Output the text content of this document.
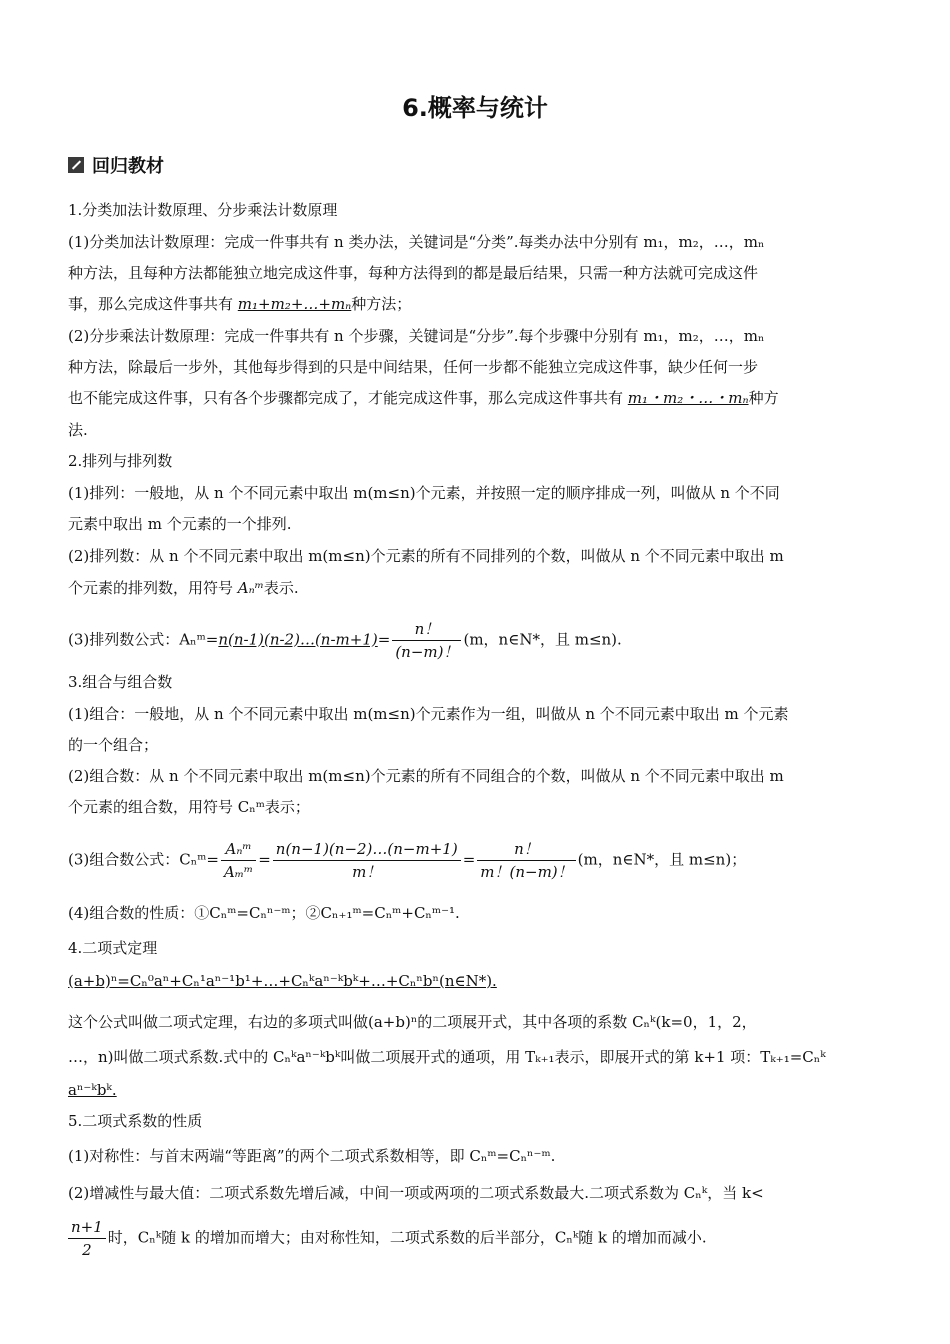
6.概率与统计
回归教材
1.分类加法计数原理、分步乘法计数原理
(1)分类加法计数原理：完成一件事共有 n 类办法，关键词是“分类”.每类办法中分别有 m₁，m₂，…，mₙ
种方法，且每种方法都能独立地完成这件事，每种方法得到的都是最后结果，只需一种方法就可完成这件
事，那么完成这件事共有 m₁+m₂+…+mₙ种方法；
(2)分步乘法计数原理：完成一件事共有 n 个步骤，关键词是“分步”.每个步骤中分别有 m₁，m₂，…，mₙ
种方法，除最后一步外，其他每步得到的只是中间结果，任何一步都不能独立完成这件事，缺少任何一步
也不能完成这件事，只有各个步骤都完成了，才能完成这件事，那么完成这件事共有 m₁・m₂・…・mₙ种方
法.
2.排列与排列数
(1)排列：一般地，从 n 个不同元素中取出 m(m≤n)个元素，并按照一定的顺序排成一列，叫做从 n 个不同
元素中取出 m 个元素的一个排列.
(2)排列数：从 n 个不同元素中取出 m(m≤n)个元素的所有不同排列的个数，叫做从 n 个不同元素中取出 m
个元素的排列数，用符号 Aₙᵐ表示.
(3)排列数公式：Aₙᵐ=n(n-1)(n-2)…(n-m+1)= $\frac{n!}{(n-m)!} (m$，n∈N*，且 m≤n).
3.组合与组合数
(1)组合：一般地，从 n 个不同元素中取出 m(m≤n)个元素作为一组，叫做从 n 个不同元素中取出 m 个元素
的一个组合；
(2)组合数：从 n 个不同元素中取出 m(m≤n)个元素的所有不同组合的个数，叫做从 n 个不同元素中取出 m
个元素的组合数，用符号 Cₙᵐ表示；
(3)组合数公式：Cₙᵐ= $\frac{\text{Aₙᵐ}}{\text{Aₘᵐ}} = \frac{n(n-1)(n-2)\dots(n-m+1)}{m!} = \frac{n!}{m!(n-m)!} (m$，n∈N*，且 m≤n)；
(4)组合数的性质：①Cₙᵐ=Cₙⁿ⁻ᵐ；②Cₙ₊₁ᵐ=Cₙᵐ+Cₙᵐ⁻¹.
4.二项式定理
(a+b)ⁿ=Cₙ⁰aⁿ+Cₙ¹aⁿ⁻¹b¹+…+Cₙᵏaⁿ⁻ᵏbᵏ+…+Cₙⁿbⁿ(n∈N*).
这个公式叫做二项式定理，右边的多项式叫做(a+b)ⁿ的二项展开式，其中各项的系数 Cₙᵏ(k=0，1，2，
…，n)叫做二项式系数.式中的 Cₙᵏaⁿ⁻ᵏbᵏ叫做二项展开式的通项，用 Tₖ₊₁表示，即展开式的第 k+1 项：Tₖ₊₁=Cₙᵏ
aⁿ⁻ᵏbᵏ.
5.二项式系数的性质
(1)对称性：与首末两端“等距离”的两个二项式系数相等，即 Cₙᵐ=Cₙⁿ⁻ᵐ.
(2)增减性与最大值：二项式系数先增后减，中间一项或两项的二项式系数最大.二项式系数为 Cₙᵏ，当 k<
$\frac{n+1}{2}$ 时，Cₙᵏ随 k 的增加而增大；由对称性知，二项式系数的后半部分，Cₙᵏ随 k 的增加而减小.
